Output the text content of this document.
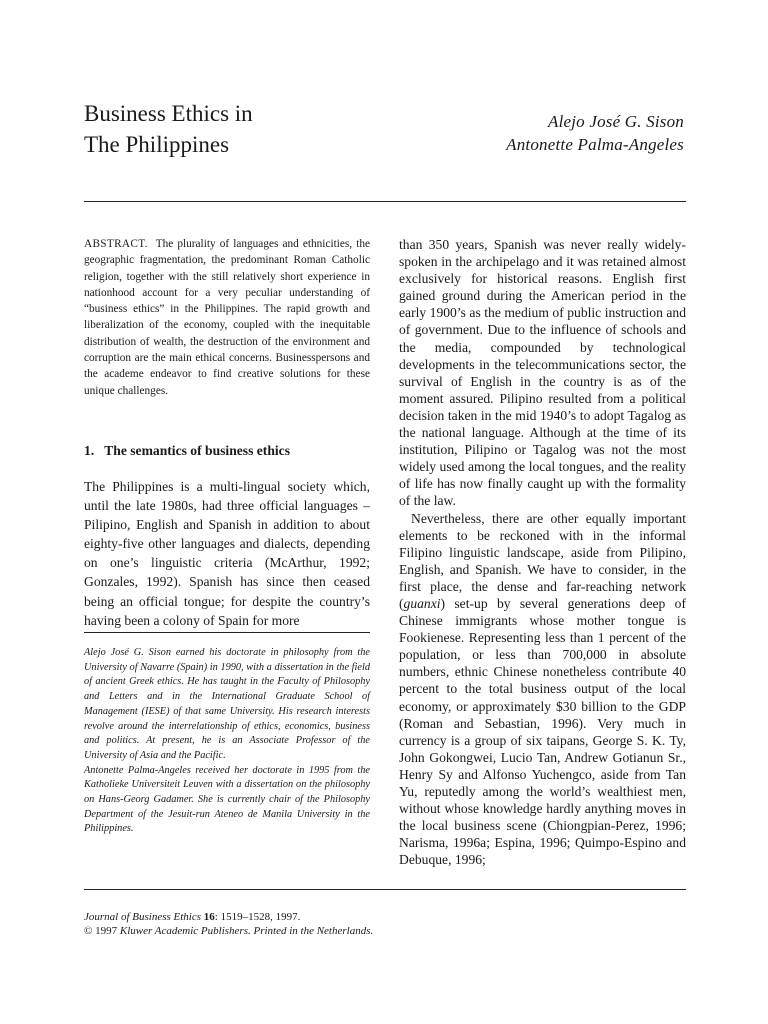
Business Ethics in
The Philippines
Alejo José G. Sison
Antonette Palma-Angeles

ABSTRACT. The plurality of languages and ethnicities, the geographic fragmentation, the predominant Roman Catholic religion, together with the still relatively short experience in nationhood account for a very peculiar understanding of “business ethics” in the Philippines. The rapid growth and liberalization of the economy, coupled with the inequitable distribution of wealth, the destruction of the environment and corruption are the main ethical concerns. Businesspersons and the academe endeavor to find creative solutions for these unique challenges.

1. The semantics of business ethics

The Philippines is a multi-lingual society which, until the late 1980s, had three official languages – Pilipino, English and Spanish in addition to about eighty-five other languages and dialects, depending on one’s linguistic criteria (McArthur, 1992; Gonzales, 1992). Spanish has since then ceased being an official tongue; for despite the country’s having been a colony of Spain for more

Alejo José G. Sison earned his doctorate in philosophy from the University of Navarre (Spain) in 1990, with a dissertation in the field of ancient Greek ethics. He has taught in the Faculty of Philosophy and Letters and in the International Graduate School of Management (IESE) of that same University. His research interests revolve around the interrelationship of ethics, economics, business and politics. At present, he is an Associate Professor of the University of Asia and the Pacific.

Antonette Palma-Angeles received her doctorate in 1995 from the Katholieke Universiteit Leuven with a dissertation on the philosophy on Hans-Georg Gadamer. She is currently chair of the Philosophy Department of the Jesuit-run Ateneo de Manila University in the Philippines.

than 350 years, Spanish was never really widely-spoken in the archipelago and it was retained almost exclusively for historical reasons. English first gained ground during the American period in the early 1900’s as the medium of public instruction and of government. Due to the influence of schools and the media, compounded by technological developments in the telecommunications sector, the survival of English in the country is as of the moment assured. Pilipino resulted from a political decision taken in the mid 1940’s to adopt Tagalog as the national language. Although at the time of its institution, Pilipino or Tagalog was not the most widely used among the local tongues, and the reality of life has now finally caught up with the formality of the law.

Nevertheless, there are other equally important elements to be reckoned with in the informal Filipino linguistic landscape, aside from Pilipino, English, and Spanish. We have to consider, in the first place, the dense and far-reaching network (guanxi) set-up by several generations deep of Chinese immigrants whose mother tongue is Fookienese. Representing less than 1 percent of the population, or less than 700,000 in absolute numbers, ethnic Chinese nonetheless contribute 40 percent to the total business output of the local economy, or approximately $30 billion to the GDP (Roman and Sebastian, 1996). Very much in currency is a group of six taipans, George S. K. Ty, John Gokongwei, Lucio Tan, Andrew Gotianun Sr., Henry Sy and Alfonso Yuchengco, aside from Tan Yu, reputedly among the world’s wealthiest men, without whose knowledge hardly anything moves in the local business scene (Chiongpian-Perez, 1996; Narisma, 1996a; Espina, 1996; Quimpo-Espino and Debuque, 1996;

Journal of Business Ethics 16: 1519–1528, 1997.
© 1997 Kluwer Academic Publishers. Printed in the Netherlands.
